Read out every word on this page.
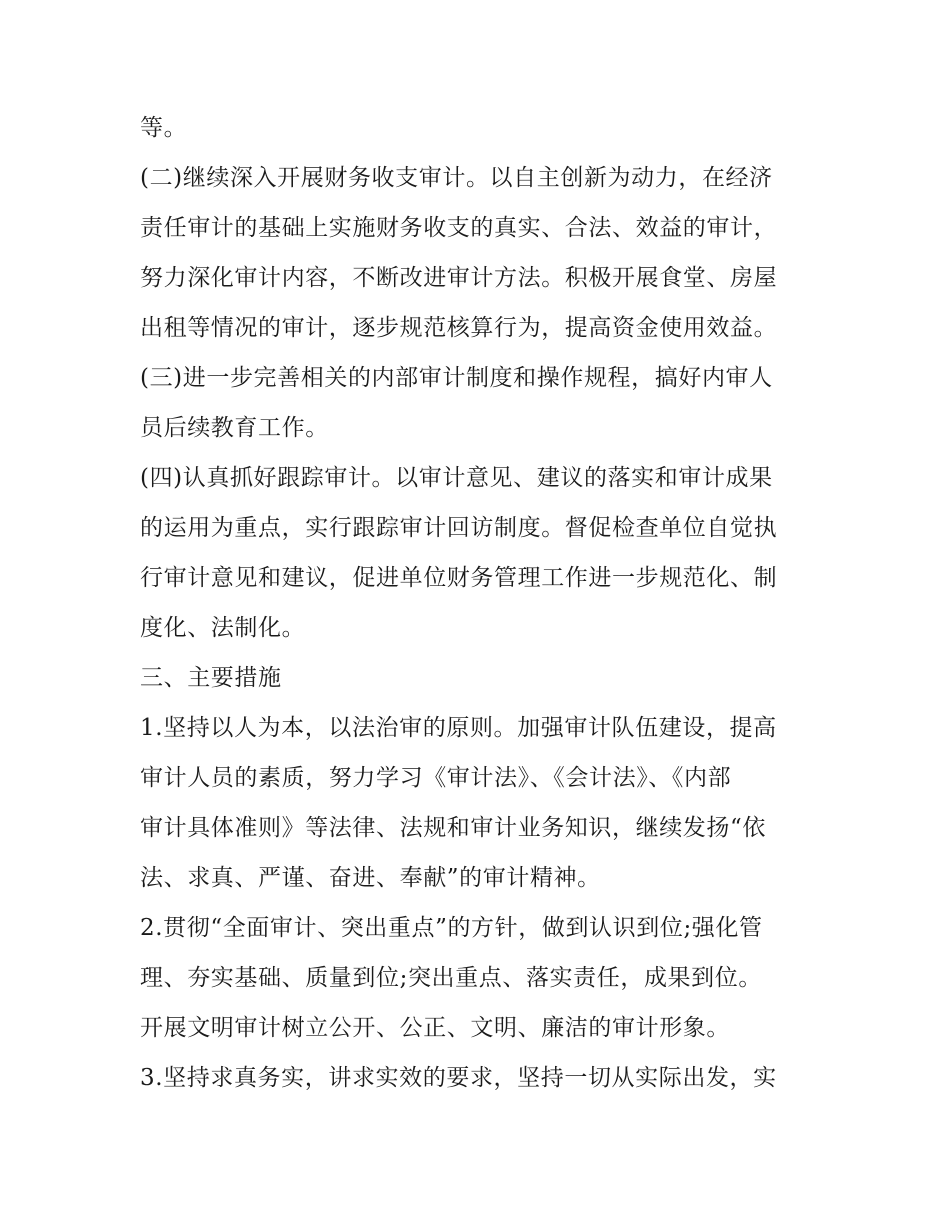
等。
(二)继续深入开展财务收支审计。以自主创新为动力，在经济
责任审计的基础上实施财务收支的真实、合法、效益的审计，
努力深化审计内容，不断改进审计方法。积极开展食堂、房屋
出租等情况的审计，逐步规范核算行为，提高资金使用效益。
(三)进一步完善相关的内部审计制度和操作规程，搞好内审人
员后续教育工作。
(四)认真抓好跟踪审计。以审计意见、建议的落实和审计成果
的运用为重点，实行跟踪审计回访制度。督促检查单位自觉执
行审计意见和建议，促进单位财务管理工作进一步规范化、制
度化、法制化。
三、主要措施
1.坚持以人为本，以法治审的原则。加强审计队伍建设，提高
审计人员的素质，努力学习《审计法》、《会计法》、《内部
审计具体准则》等法律、法规和审计业务知识，继续发扬“依
法、求真、严谨、奋进、奉献”的审计精神。
2.贯彻“全面审计、突出重点”的方针，做到认识到位;强化管
理、夯实基础、质量到位;突出重点、落实责任，成果到位。
开展文明审计树立公开、公正、文明、廉洁的审计形象。
3.坚持求真务实，讲求实效的要求，坚持一切从实际出发，实
